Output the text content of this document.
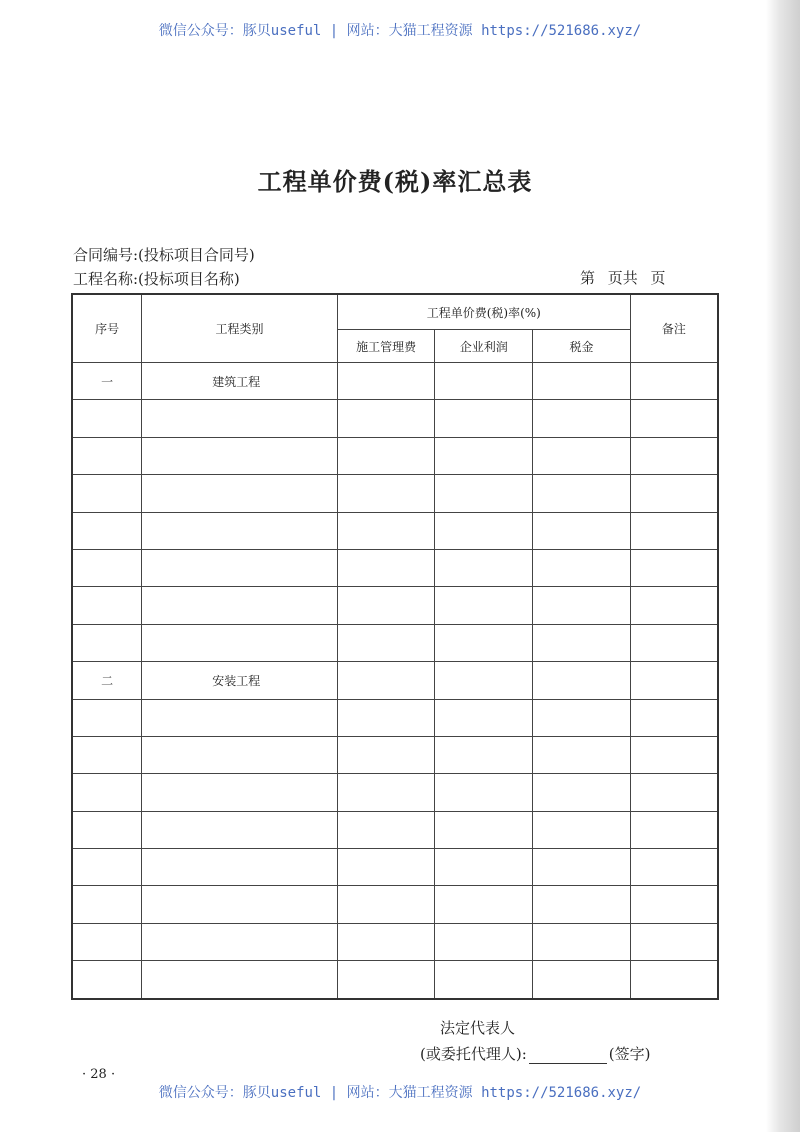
微信公众号：豚贝useful | 网站：大猫工程资源 https://521686.xyz/
工程单价费(税)率汇总表
合同编号:(投标项目合同号)
工程名称:(投标项目名称)	第 页共 页
序号	工程类别	工程单价费(税)率(%)			备注
		施工管理费	企业利润	税金	
一	建筑工程				

二	安装工程				

法定代表人
(或委托代理人):	(签字)
· 28 ·
微信公众号：豚贝useful | 网站：大猫工程资源 https://521686.xyz/
